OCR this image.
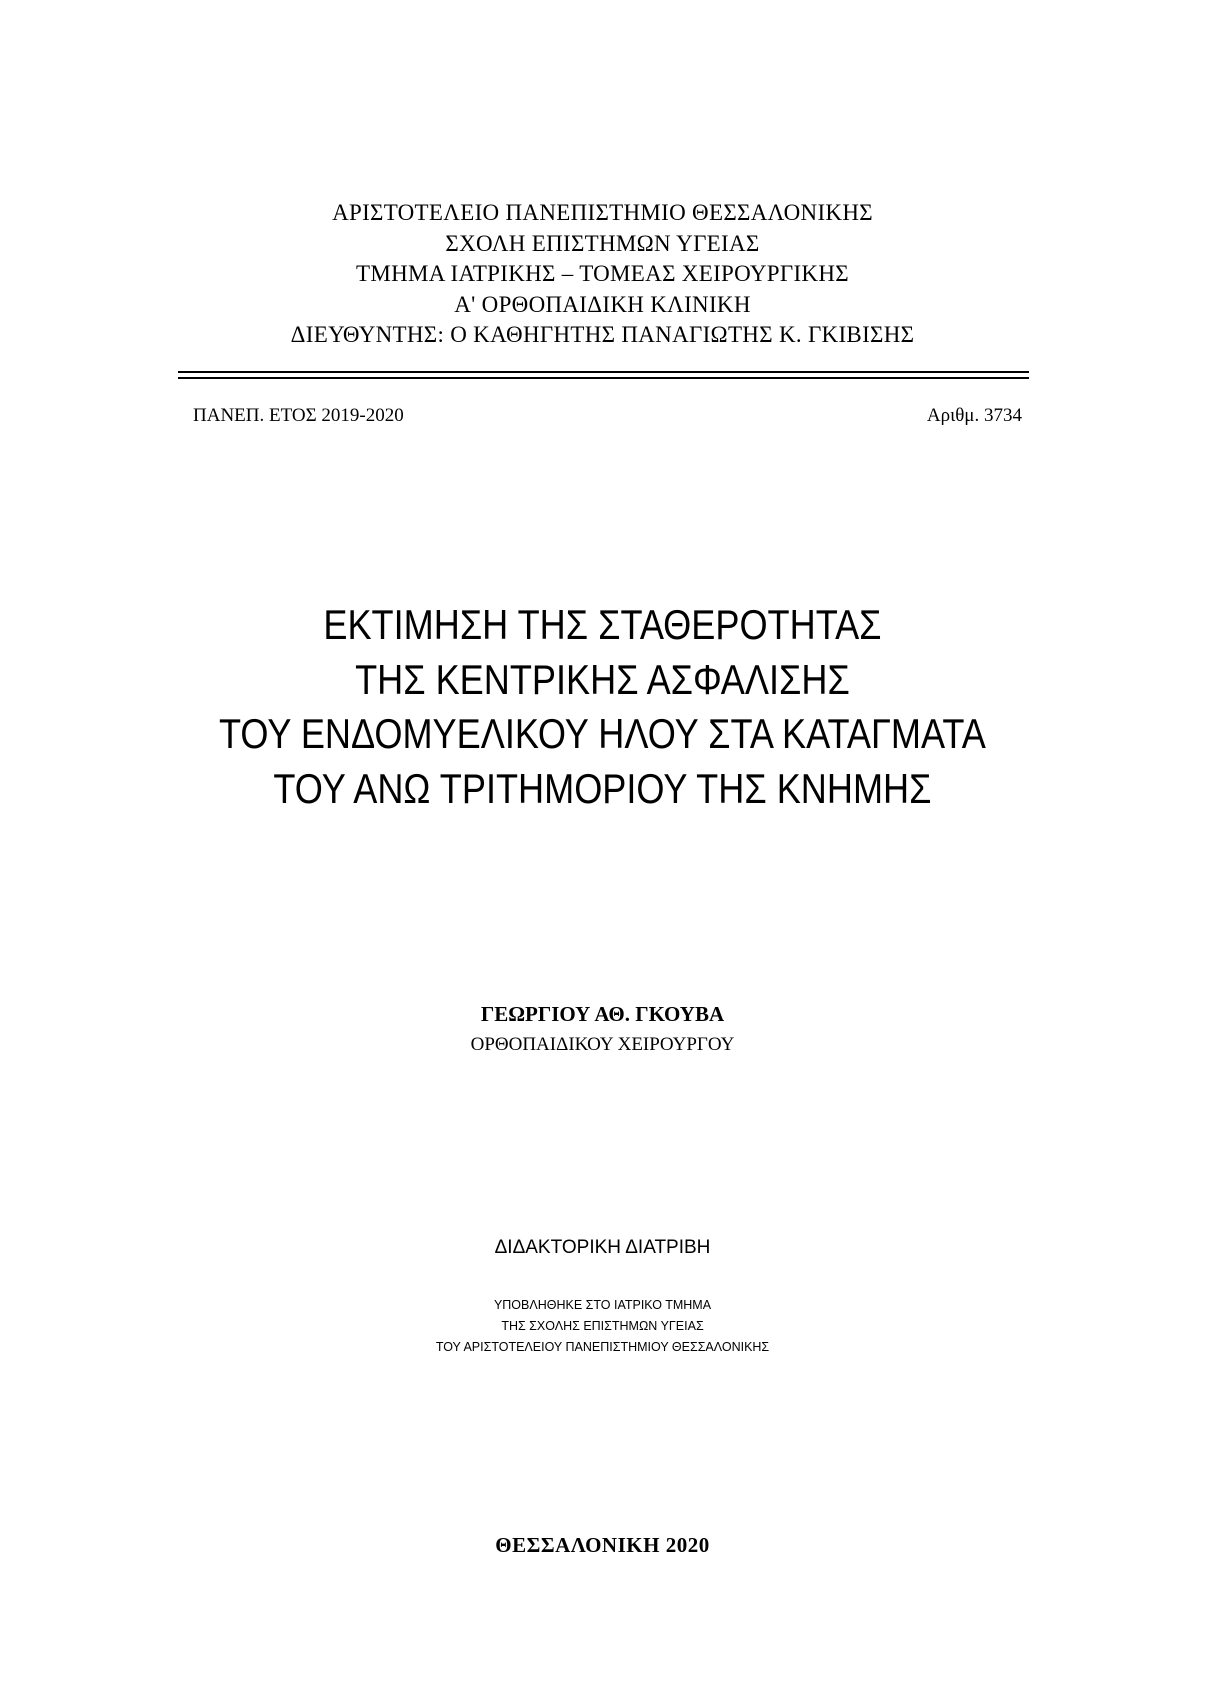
ΑΡΙΣΤΟΤΕΛΕΙΟ ΠΑΝΕΠΙΣΤΗΜΙΟ ΘΕΣΣΑΛΟΝΙΚΗΣ
ΣΧΟΛΗ ΕΠΙΣΤΗΜΩΝ ΥΓΕΙΑΣ
ΤΜΗΜΑ ΙΑΤΡΙΚΗΣ – ΤΟΜΕΑΣ ΧΕΙΡΟΥΡΓΙΚΗΣ
Α' ΟΡΘΟΠΑΙΔΙΚΗ ΚΛΙΝΙΚΗ
ΔΙΕΥΘΥΝΤΗΣ: Ο ΚΑΘΗΓΗΤΗΣ ΠΑΝΑΓΙΩΤΗΣ Κ. ΓΚΙΒΙΣΗΣ
ΠΑΝΕΠ. ΕΤΟΣ 2019-2020	Αριθμ. 3734
ΕΚΤΙΜΗΣΗ ΤΗΣ ΣΤΑΘΕΡΟΤΗΤΑΣ
ΤΗΣ ΚΕΝΤΡΙΚΗΣ ΑΣΦΑΛΙΣΗΣ
ΤΟΥ ΕΝΔΟΜΥΕΛΙΚΟΥ ΗΛΟΥ ΣΤΑ ΚΑΤΑΓΜΑΤΑ
ΤΟΥ ΑΝΩ ΤΡΙΤΗΜΟΡΙΟΥ ΤΗΣ ΚΝΗΜΗΣ
ΓΕΩΡΓΙΟΥ ΑΘ. ΓΚΟΥΒΑ
ΟΡΘΟΠΑΙΔΙΚΟΥ ΧΕΙΡΟΥΡΓΟΥ
ΔΙΔΑΚΤΟΡΙΚΗ ΔΙΑΤΡΙΒΗ
ΥΠΟΒΛΗΘΗΚΕ ΣΤΟ ΙΑΤΡΙΚΟ ΤΜΗΜΑ
ΤΗΣ ΣΧΟΛΗΣ ΕΠΙΣΤΗΜΩΝ ΥΓΕΙΑΣ
ΤΟΥ ΑΡΙΣΤΟΤΕΛΕΙΟΥ ΠΑΝΕΠΙΣΤΗΜΙΟΥ ΘΕΣΣΑΛΟΝΙΚΗΣ
ΘΕΣΣΑΛΟΝΙΚΗ 2020
